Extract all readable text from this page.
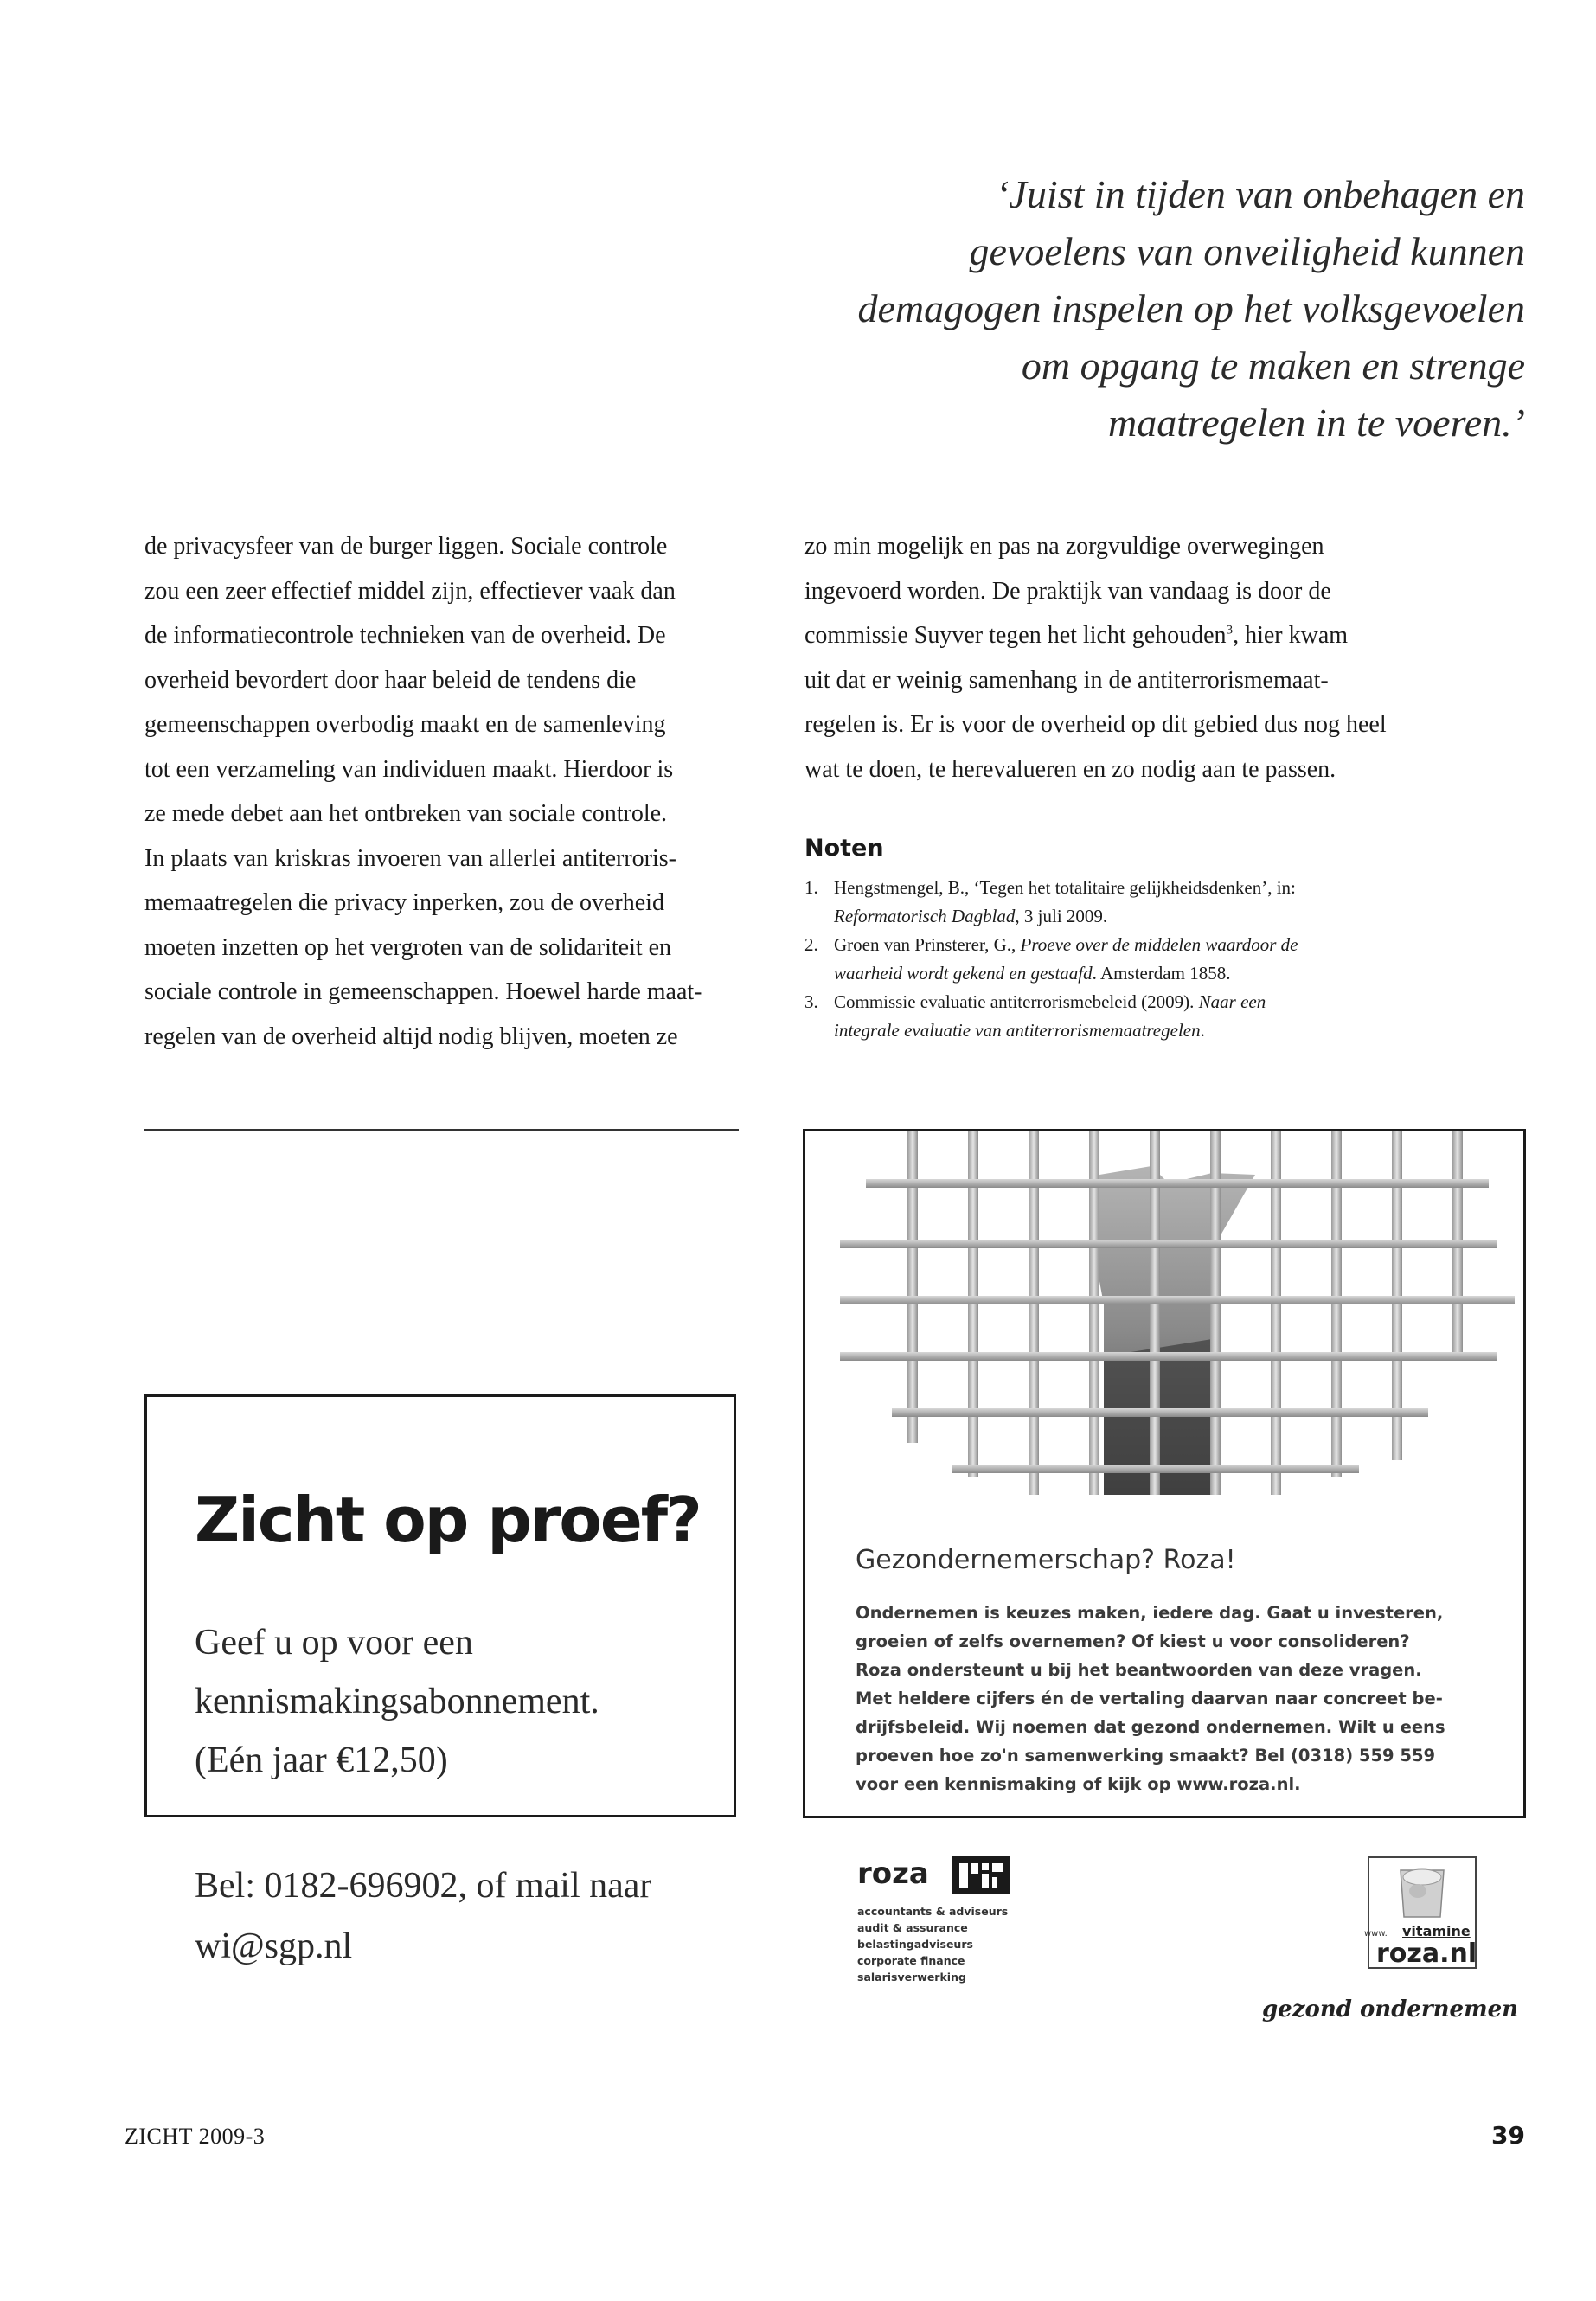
‘Juist in tijden van onbehagen en
gevoelens van onveiligheid kunnen
demagogen inspelen op het volksgevoelen
om opgang te maken en strenge
maatregelen in te voeren.’
de privacysfeer van de burger liggen. Sociale controle
zou een zeer effectief middel zijn, effectiever vaak dan
de informatiecontrole technieken van de overheid. De
overheid bevordert door haar beleid de tendens die
gemeenschappen overbodig maakt en de samenleving
tot een verzameling van individuen maakt. Hierdoor is
ze mede debet aan het ontbreken van sociale controle.
In plaats van kriskras invoeren van allerlei antiterroris-
memaatregelen die privacy inperken, zou de overheid
moeten inzetten op het vergroten van de solidariteit en
sociale controle in gemeenschappen. Hoewel harde maat-
regelen van de overheid altijd nodig blijven, moeten ze
zo min mogelijk en pas na zorgvuldige overwegingen
ingevoerd worden. De praktijk van vandaag is door de
commissie Suyver tegen het licht gehouden$^3$, hier kwam
uit dat er weinig samenhang in de antiterrorismemaat-
regelen is. Er is voor de overheid op dit gebied dus nog heel
wat te doen, te herevalueren en zo nodig aan te passen.
Noten
1. Hengstmengel, B., ‘Tegen het totalitaire gelijkheidsdenken’, in:
Reformatorisch Dagblad, 3 juli 2009.
2. Groen van Prinsterer, G., Proeve over de middelen waardoor de
waarheid wordt gekend en gestaafd. Amsterdam 1858.
3. Commissie evaluatie antiterrorismebeleid (2009). Naar een
integrale evaluatie van antiterrorismemaatregelen.
Zicht op proef?
Geef u op voor een
kennismakingsabonnement.
(Eén jaar €12,50)
Bel: 0182-696902, of mail naar
wi@sgp.nl
Gezondernemerschap? Roza!
Ondernemen is keuzes maken, iedere dag. Gaat u investeren,
groeien of zelfs overnemen? Of kiest u voor consolideren?
Roza ondersteunt u bij het beantwoorden van deze vragen.
Met heldere cijfers én de vertaling daarvan naar concreet be-
drijfsbeleid. Wij noemen dat gezond ondernemen. Wilt u eens
proeven hoe zo'n samenwerking smaakt? Bel (0318) 559 559
voor een kennismaking of kijk op www.roza.nl.
roza
accountants & adviseurs
audit & assurance
belastingadviseurs
corporate finance
salarisverwerking
www. vitamine
roza.nl
gezond ondernemen
ZICHT 2009-3	39
